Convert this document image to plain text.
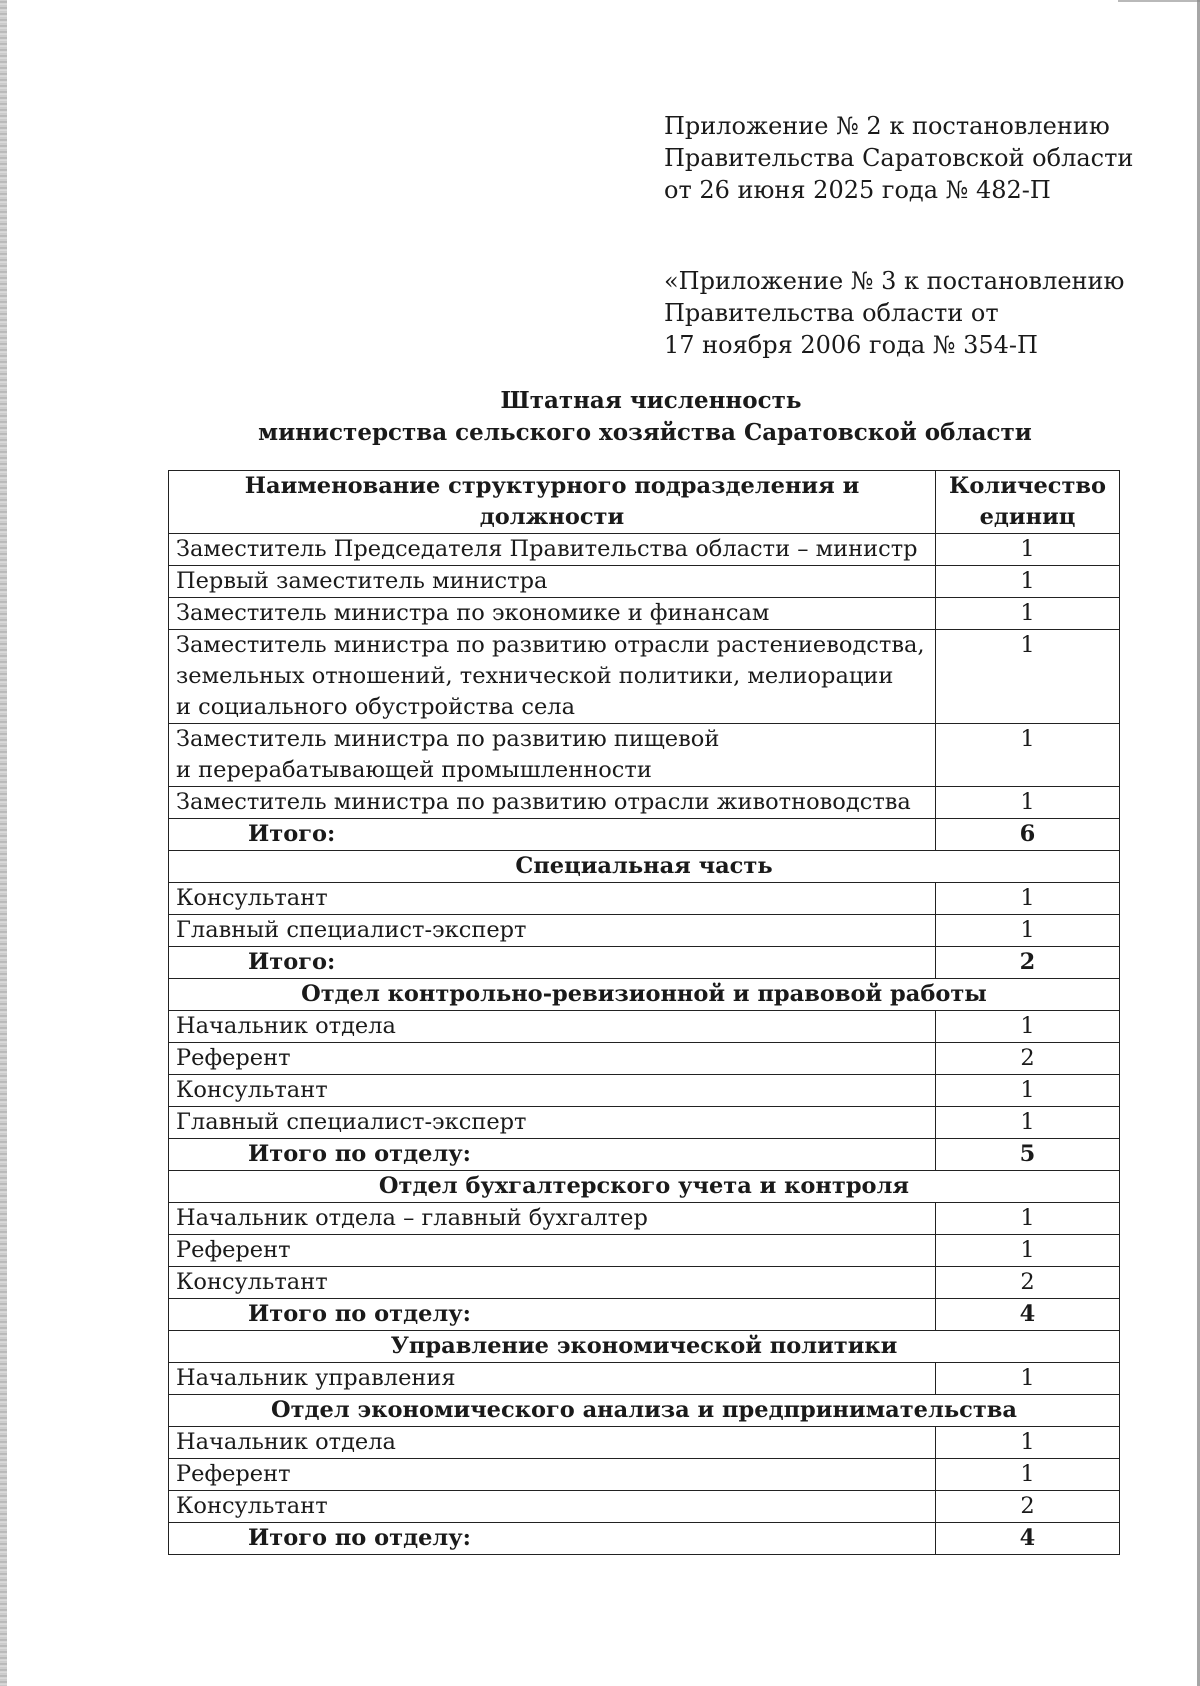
Приложение № 2 к постановлению
Правительства Саратовской области
от 26 июня 2025 года № 482-П
«Приложение № 3 к постановлению
Правительства области от
17 ноября 2006 года № 354-П
Штатная численность
министерства сельского хозяйства Саратовской области
Наименование структурного подразделения и должности	Количество единиц

Заместитель Председателя Правительства области – министр	1

Первый заместитель министра	1

Заместитель министра по экономике и финансам	1

Заместитель министра по развитию отрасли растениеводства,
земельных отношений, технической политики, мелиорации
и социального обустройства села	1

Заместитель министра по развитию пищевой
и перерабатывающей промышленности	1

Заместитель министра по развитию отрасли животноводства	1
Итого:	6
Специальная часть	

Консультант	1

Главный специалист-эксперт	1
Итого:	2
Отдел контрольно-ревизионной и правовой работы	

Начальник отдела	1

Референт	2

Консультант	1

Главный специалист-эксперт	1
Итого по отделу:	5
Отдел бухгалтерского учета и контроля	

Начальник отдела – главный бухгалтер	1

Референт	1

Консультант	2
Итого по отделу:	4
Управление экономической политики	

Начальник управления	1
Отдел экономического анализа и предпринимательства	

Начальник отдела	1

Референт	1

Консультант	2
Итого по отделу:	4
